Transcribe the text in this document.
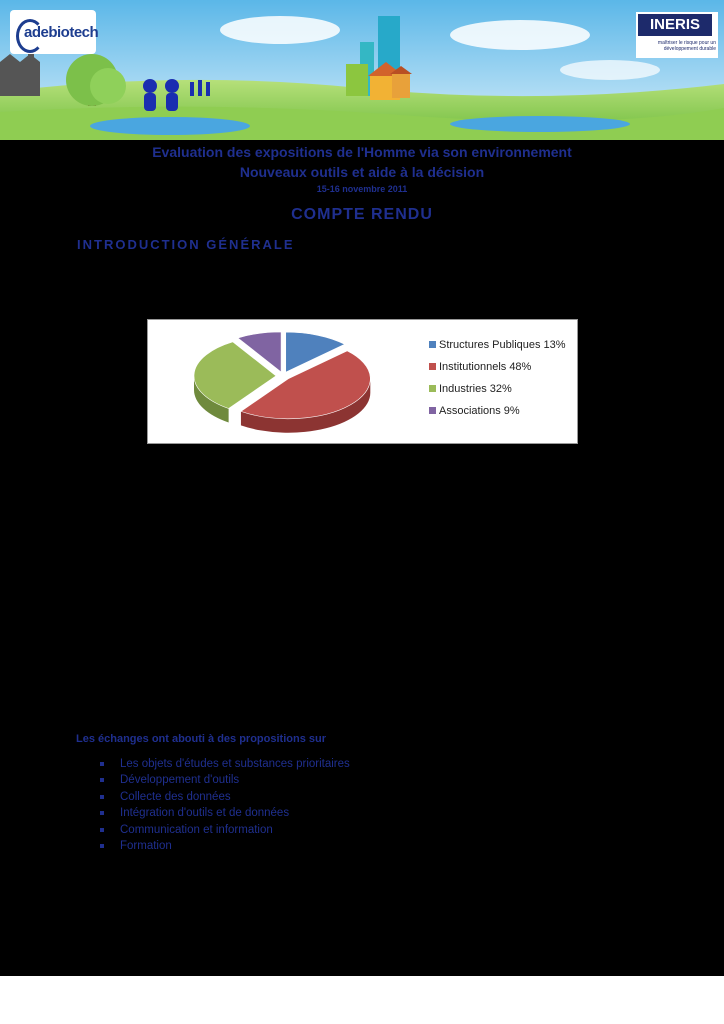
adebiotech	INERIS
maîtriser le risque pour un développement durable
Evaluation des expositions de l'Homme via son environnement
Nouveaux outils et aide à la décision
15-16 novembre 2011
COMPTE RENDU
INTRODUCTION GÉNÉRALE
Structures Publiques 13%
Institutionnels 48%
Industries 32%
Associations 9%
Les échanges ont abouti à des propositions sur
Les objets d'études et substances prioritaires
Développement d'outils
Collecte des données
Intégration d'outils et de données
Communication et information
Formation
